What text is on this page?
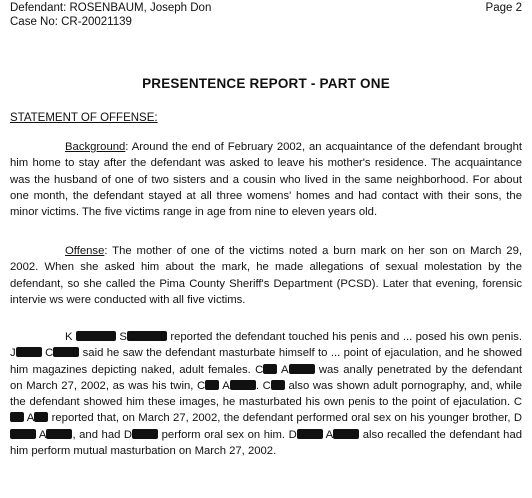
Defendant: ROSENBAUM, Joseph Don
Case No: CR-20021139
Page 2
PRESENTENCE REPORT - PART ONE
STATEMENT OF OFFENSE:

Background: Around the end of February 2002, an acquaintance of the defendant brought him home to stay after the defendant was asked to leave his mother's residence. The acquaintance was the husband of one of two sisters and a cousin who lived in the same neighborhood. For about one month, the defendant stayed at all three womens' homes and had contact with their sons, the minor victims. The five victims range in age from nine to eleven years old.

Offense: The mother of one of the victims noted a burn mark on her son on March 29, 2002. When she asked him about the mark, he made allegations of sexual molestation by the defendant, so she called the Pima County Sheriff's Department (PCSD). Later that evening, forensic intervie ws were conducted with all five victims.

K	S	reported the defendant touched his penis and ... posed his own penis. J	C	said he saw the defendant masturbate himself to ... point of ejaculation, and he showed him magazines depicting naked, adult females. C A	was anally penetrated by the defendant on March 27, 2002, as was his twin, C A . C also was shown adult pornography, and, while the defendant showed him these images, he masturbated his own penis to the point of ejaculation. C A reported that, on March 27, 2002, the defendant performed oral sex on his younger brother, D A , and had D	perform oral sex on him. D	A	also recalled the defendant had him perform mutual masturbation on March 27, 2002.
